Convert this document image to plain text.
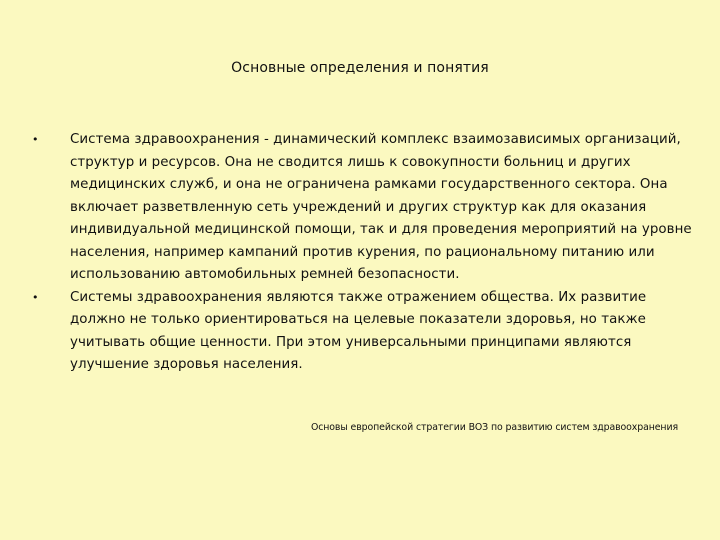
Основные определения и понятия
• Система здравоохранения - динамический комплекс взаимозависимых организаций, структур и ресурсов. Она не сводится лишь к совокупности больниц и других медицинских служб, и она не ограничена рамками государственного сектора. Она включает разветвленную сеть учреждений и других структур как для оказания индивидуальной медицинской помощи, так и для проведения мероприятий на уровне населения, например кампаний против курения, по рациональному питанию или использованию автомобильных ремней безопасности.
• Системы здравоохранения являются также отражением общества. Их развитие должно не только ориентироваться на целевые показатели здоровья, но также учитывать общие ценности. При этом универсальными принципами являются улучшение здоровья населения.
Основы европейской стратегии ВОЗ по развитию систем здравоохранения
